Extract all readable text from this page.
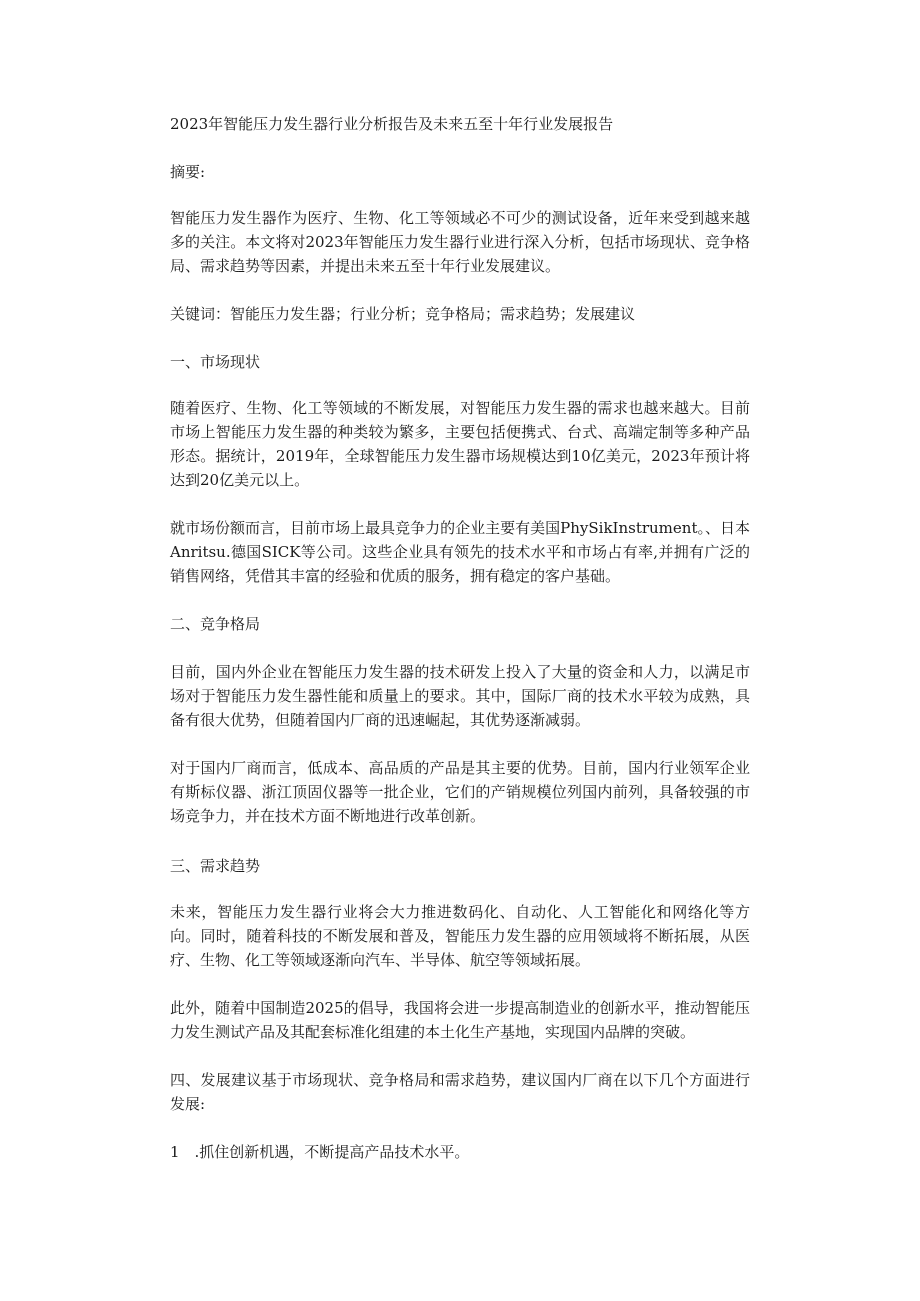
2023年智能压力发生器行业分析报告及未来五至十年行业发展报告
摘要:

智能压力发生器作为医疗、生物、化工等领域必不可少的测试设备，近年来受到越来越多的关注。本文将对2023年智能压力发生器行业进行深入分析，包括市场现状、竞争格局、需求趋势等因素，并提出未来五至十年行业发展建议。

关键词：智能压力发生器；行业分析；竞争格局；需求趋势；发展建议
一、市场现状

随着医疗、生物、化工等领域的不断发展，对智能压力发生器的需求也越来越大。目前市场上智能压力发生器的种类较为繁多，主要包括便携式、台式、高端定制等多种产品形态。据统计，2019年，全球智能压力发生器市场规模达到10亿美元，2023年预计将达到20亿美元以上。

就市场份额而言，目前市场上最具竞争力的企业主要有美国PhySikInstrument。、日本Anritsu.德国SICK等公司。这些企业具有领先的技术水平和市场占有率,并拥有广泛的销售网络，凭借其丰富的经验和优质的服务，拥有稳定的客户基础。

二、竞争格局

目前，国内外企业在智能压力发生器的技术研发上投入了大量的资金和人力，以满足市场对于智能压力发生器性能和质量上的要求。其中，国际厂商的技术水平较为成熟，具备有很大优势，但随着国内厂商的迅速崛起，其优势逐渐减弱。

对于国内厂商而言，低成本、高品质的产品是其主要的优势。目前，国内行业领军企业有斯标仪器、浙江顶固仪器等一批企业，它们的产销规模位列国内前列，具备较强的市场竞争力，并在技术方面不断地进行改革创新。

三、需求趋势

未来，智能压力发生器行业将会大力推进数码化、自动化、人工智能化和网络化等方向。同时，随着科技的不断发展和普及，智能压力发生器的应用领域将不断拓展，从医疗、生物、化工等领域逐渐向汽车、半导体、航空等领域拓展。

此外，随着中国制造2025的倡导，我国将会进一步提高制造业的创新水平，推动智能压力发生测试产品及其配套标准化组建的本土化生产基地，实现国内品牌的突破。

四、发展建议基于市场现状、竞争格局和需求趋势，建议国内厂商在以下几个方面进行发展:

1　.抓住创新机遇，不断提高产品技术水平。
